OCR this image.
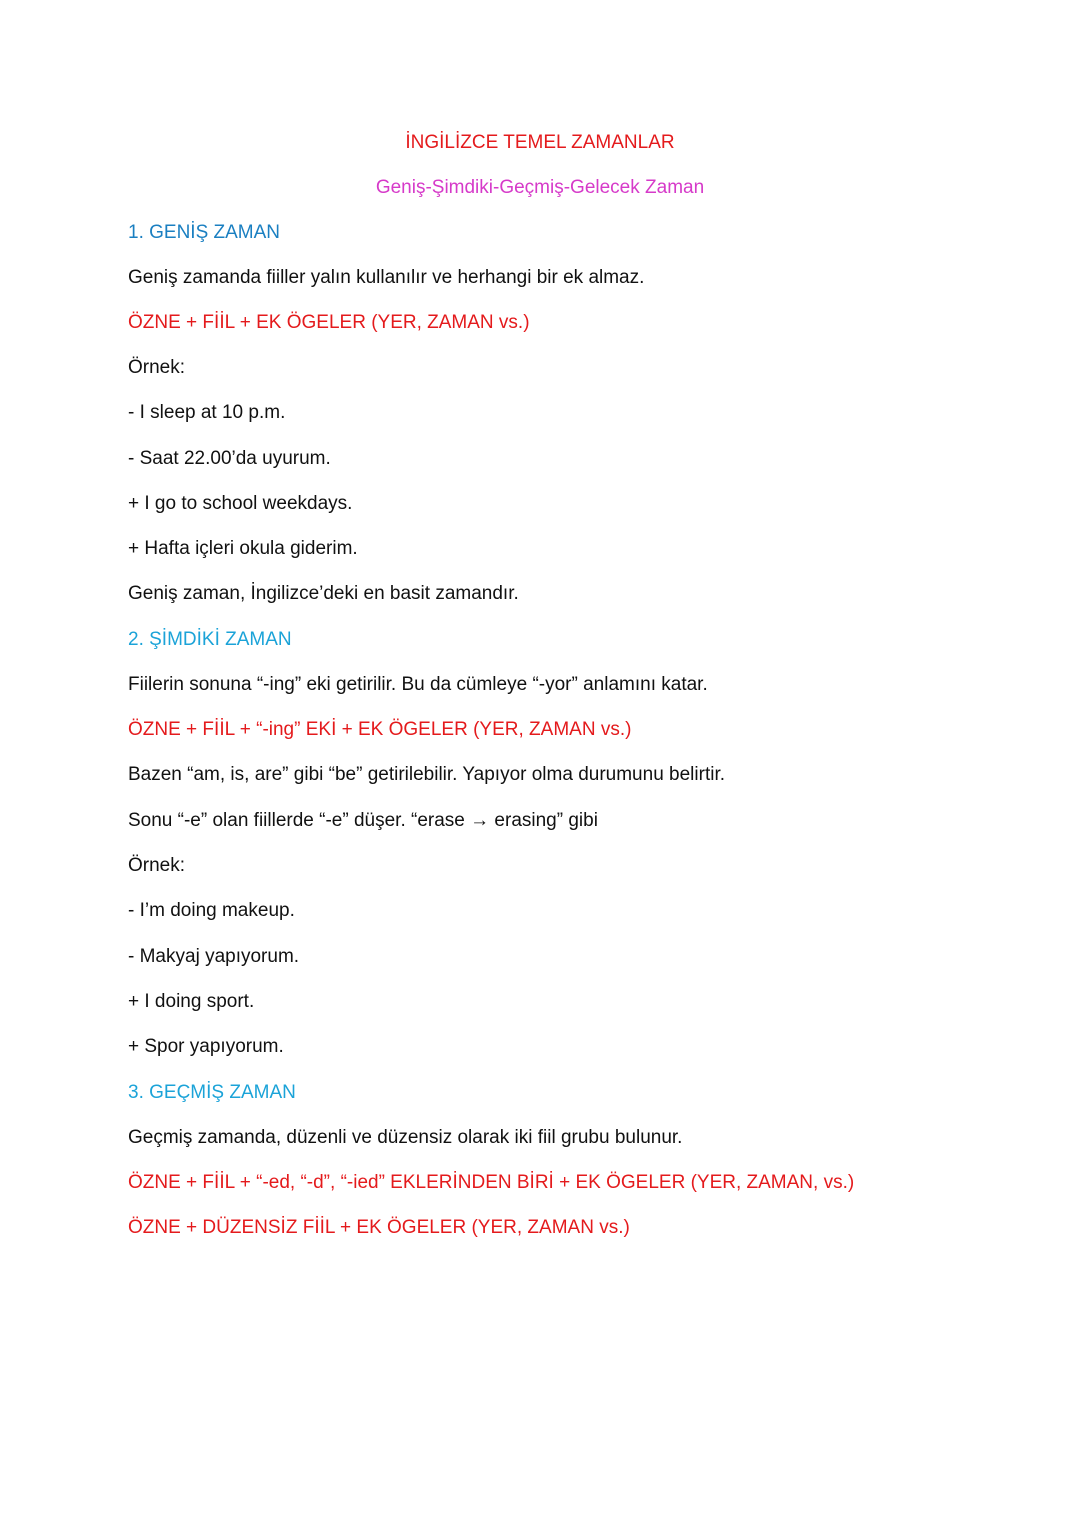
İNGİLİZCE TEMEL ZAMANLAR
Geniş-Şimdiki-Geçmiş-Gelecek Zaman
1. GENİŞ ZAMAN
Geniş zamanda fiiller yalın kullanılır ve herhangi bir ek almaz.
ÖZNE + FİİL + EK ÖGELER (YER, ZAMAN vs.)
Örnek:
- I sleep at 10 p.m.
- Saat 22.00’da uyurum.
+ I go to school weekdays.
+ Hafta içleri okula giderim.
Geniş zaman, İngilizce’deki en basit zamandır.
2. ŞİMDİKİ ZAMAN
Fiilerin sonuna “-ing” eki getirilir. Bu da cümleye “-yor” anlamını katar.
ÖZNE + FİİL + “-ing” EKİ + EK ÖGELER (YER, ZAMAN vs.)
Bazen “am, is, are” gibi “be” getirilebilir. Yapıyor olma durumunu belirtir.
Sonu “-e” olan fiillerde “-e” düşer. “erase → erasing” gibi
Örnek:
- I’m doing makeup.
- Makyaj yapıyorum.
+ I doing sport.
+ Spor yapıyorum.
3. GEÇMİŞ ZAMAN
Geçmiş zamanda, düzenli ve düzensiz olarak iki fiil grubu bulunur.
ÖZNE + FİİL + “-ed, “-d”, “-ied” EKLERİNDEN BİRİ + EK ÖGELER (YER, ZAMAN, vs.)
ÖZNE + DÜZENSİZ FİİL + EK ÖGELER (YER, ZAMAN vs.)
